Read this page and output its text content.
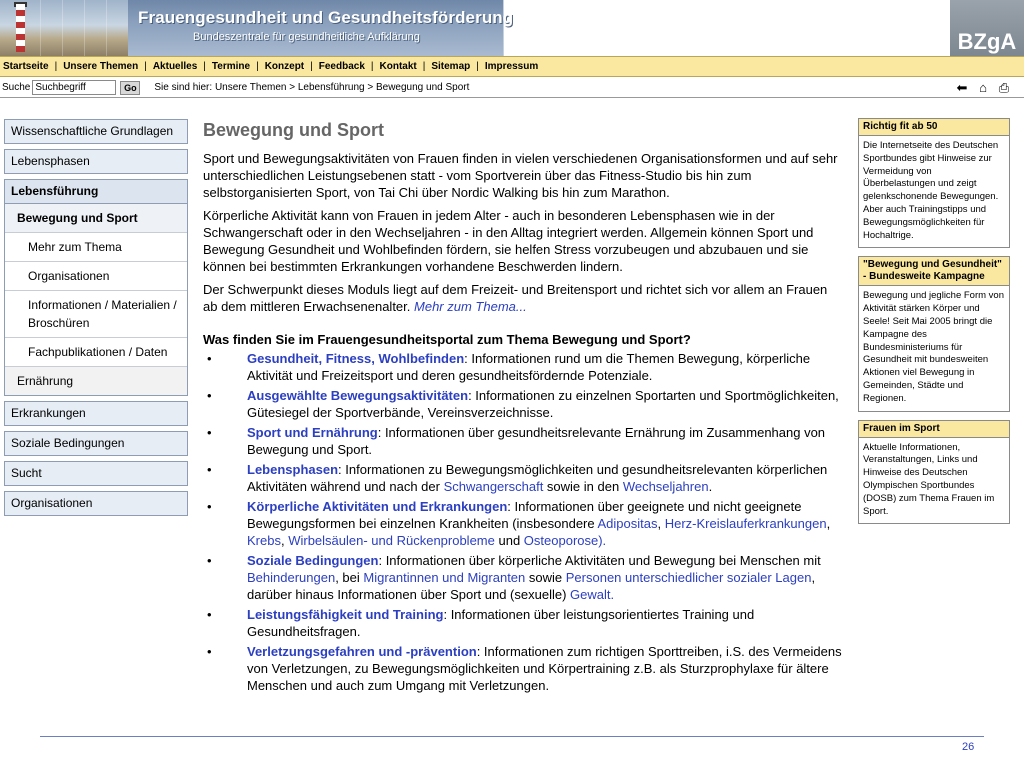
Frauengesundheit und Gesundheitsförderung
Bundeszentrale für gesundheitliche Aufklärung	BZgA
Startseite | Unsere Themen | Aktuelles | Termine | Konzept | Feedback | Kontakt | Sitemap | Impressum
Suche
Suchbegriff	Go	Sie sind hier: Unsere Themen > Lebensführung > Bewegung und Sport	⬅ ⌂ ⎙
Wissenschaftliche Grundlagen
Lebensphasen
Lebensführung
Bewegung und Sport
Mehr zum Thema
Organisationen
Informationen / Materialien / Broschüren
Fachpublikationen / Daten
Ernährung
Erkrankungen
Soziale Bedingungen
Sucht
Organisationen
Bewegung und Sport

Sport und Bewegungsaktivitäten von Frauen finden in vielen verschiedenen Organisationsformen und auf sehr unterschiedlichen Leistungsebenen statt - vom Sportverein über das Fitness-Studio bis hin zum selbstorganisierten Sport, von Tai Chi über Nordic Walking bis hin zum Marathon.

Körperliche Aktivität kann von Frauen in jedem Alter - auch in besonderen Lebensphasen wie in der Schwangerschaft oder in den Wechseljahren - in den Alltag integriert werden. Allgemein können Sport und Bewegung Gesundheit und Wohlbefinden fördern, sie helfen Stress vorzubeugen und abzubauen und sie können bei bestimmten Erkrankungen vorhandene Beschwerden lindern.

Der Schwerpunkt dieses Moduls liegt auf dem Freizeit- und Breitensport und richtet sich vor allem an Frauen ab dem mittleren Erwachsenenalter. Mehr zum Thema...

Was finden Sie im Frauengesundheitsportal zum Thema Bewegung und Sport?
•	Gesundheit, Fitness, Wohlbefinden: Informationen rund um die Themen Bewegung, körperliche Aktivität und Freizeitsport und deren gesundheitsfördernde Potenziale.
•	Ausgewählte Bewegungsaktivitäten: Informationen zu einzelnen Sportarten und Sportmöglichkeiten, Gütesiegel der Sportverbände, Vereinsverzeichnisse.
•	Sport und Ernährung: Informationen über gesundheitsrelevante Ernährung im Zusammenhang von Bewegung und Sport.
•	Lebensphasen: Informationen zu Bewegungsmöglichkeiten und gesundheitsrelevanten körperlichen Aktivitäten während und nach der Schwangerschaft sowie in den Wechseljahren.
•	Körperliche Aktivitäten und Erkrankungen: Informationen über geeignete und nicht geeignete Bewegungsformen bei einzelnen Krankheiten (insbesondere Adipositas, Herz-Kreislauferkrankungen, Krebs, Wirbelsäulen- und Rückenprobleme und Osteoporose).
•	Soziale Bedingungen: Informationen über körperliche Aktivitäten und Bewegung bei Menschen mit Behinderungen, bei Migrantinnen und Migranten sowie Personen unterschiedlicher sozialer Lagen, darüber hinaus Informationen über Sport und (sexuelle) Gewalt.
•	Leistungsfähigkeit und Training: Informationen über leistungsorientiertes Training und Gesundheitsfragen.
•	Verletzungsgefahren und -prävention: Informationen zum richtigen Sporttreiben, i.S. des Vermeidens von Verletzungen, zu Bewegungsmöglichkeiten und Körpertraining z.B. als Sturzprophylaxe für ältere Menschen und auch zum Umgang mit Verletzungen.
Richtig fit ab 50
Die Internetseite des Deutschen Sportbundes gibt Hinweise zur Vermeidung von Überbelastungen und zeigt gelenkschonende Bewegungen. Aber auch Trainingstipps und Bewegungsmöglichkeiten für Hochaltrige.
"Bewegung und Gesundheit" - Bundesweite Kampagne
Bewegung und jegliche Form von Aktivität stärken Körper und Seele! Seit Mai 2005 bringt die Kampagne des Bundesministeriums für Gesundheit mit bundesweiten Aktionen viel Bewegung in Gemeinden, Städte und Regionen.
Frauen im Sport
Aktuelle Informationen, Veranstaltungen, Links und Hinweise des Deutschen Olympischen Sportbundes (DOSB) zum Thema Frauen im Sport.
26
